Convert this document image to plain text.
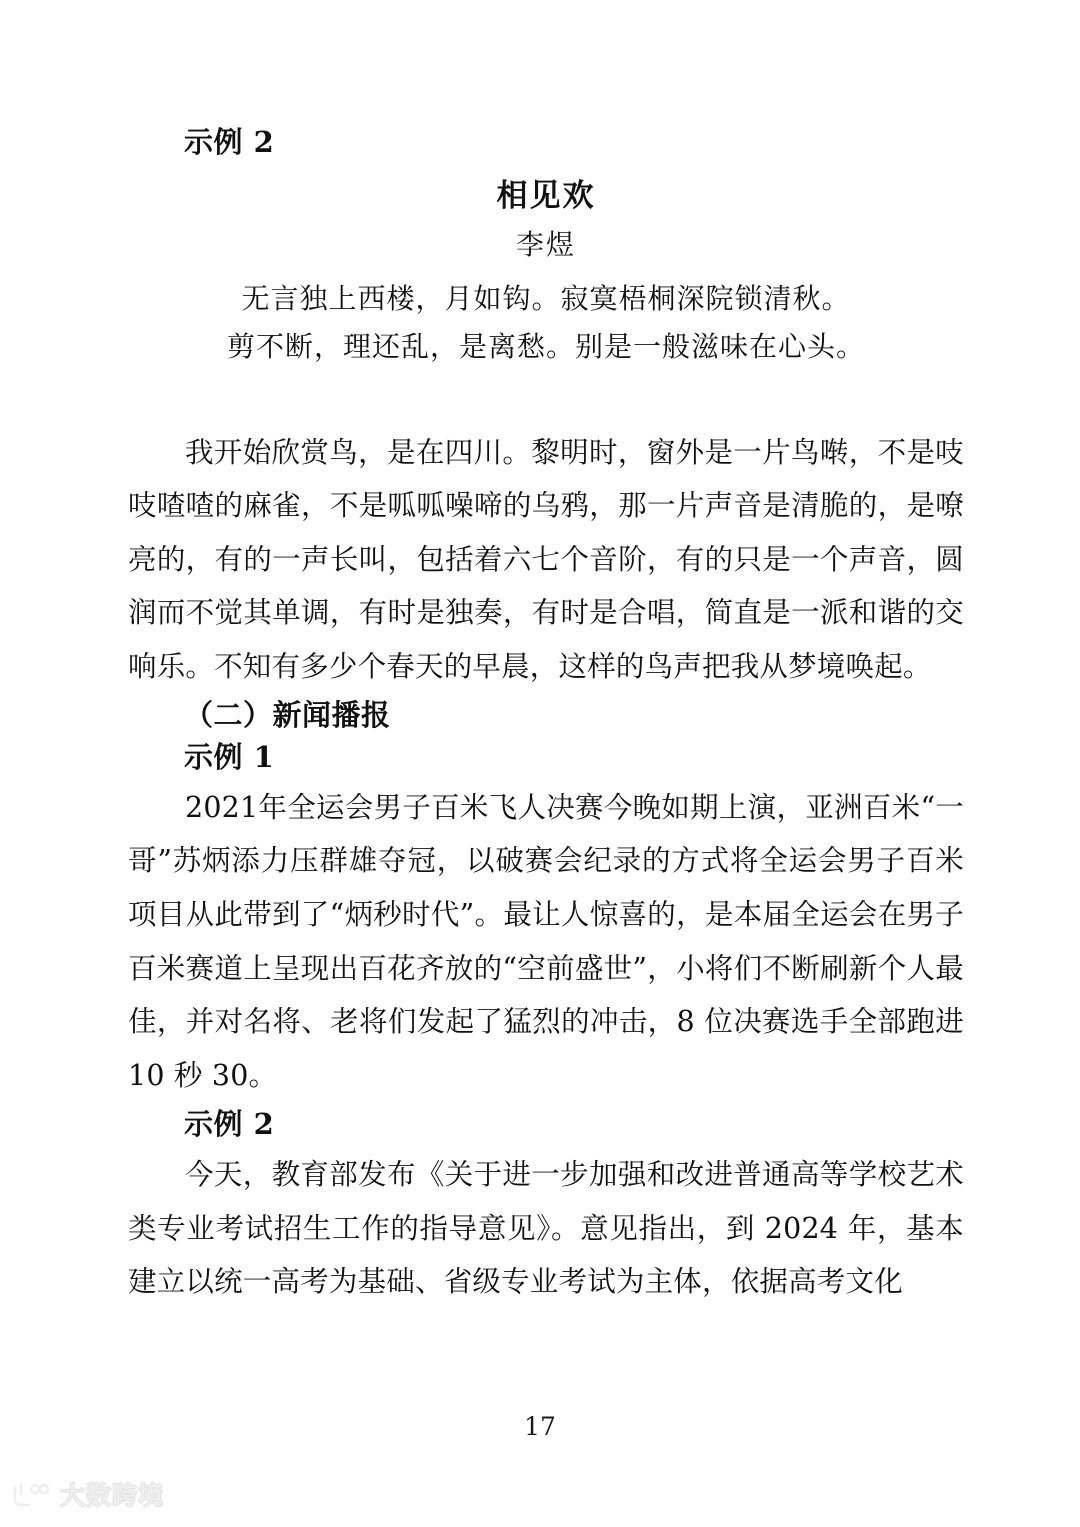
示例 2
相见欢
李煜
无言独上西楼，月如钩。寂寞梧桐深院锁清秋。
剪不断，理还乱，是离愁。别是一般滋味在心头。
我开始欣赏鸟，是在四川。黎明时，窗外是一片鸟啭，不是吱吱喳喳的麻雀，不是呱呱噪啼的乌鸦，那一片声音是清脆的，是嘹亮的，有的一声长叫，包括着六七个音阶，有的只是一个声音，圆润而不觉其单调，有时是独奏，有时是合唱，简直是一派和谐的交响乐。不知有多少个春天的早晨，这样的鸟声把我从梦境唤起。
（二）新闻播报
示例 1
2021年全运会男子百米飞人决赛今晚如期上演，亚洲百米“一哥”苏炳添力压群雄夺冠，以破赛会纪录的方式将全运会男子百米项目从此带到了“炳秒时代”。最让人惊喜的，是本届全运会在男子百米赛道上呈现出百花齐放的“空前盛世”，小将们不断刷新个人最佳，并对名将、老将们发起了猛烈的冲击，8 位决赛选手全部跑进 10 秒 30。
示例 2
今天，教育部发布《关于进一步加强和改进普通高等学校艺术类专业考试招生工作的指导意见》。意见指出，到 2024 年，基本建立以统一高考为基础、省级专业考试为主体，依据高考文化
17
大数跨境
